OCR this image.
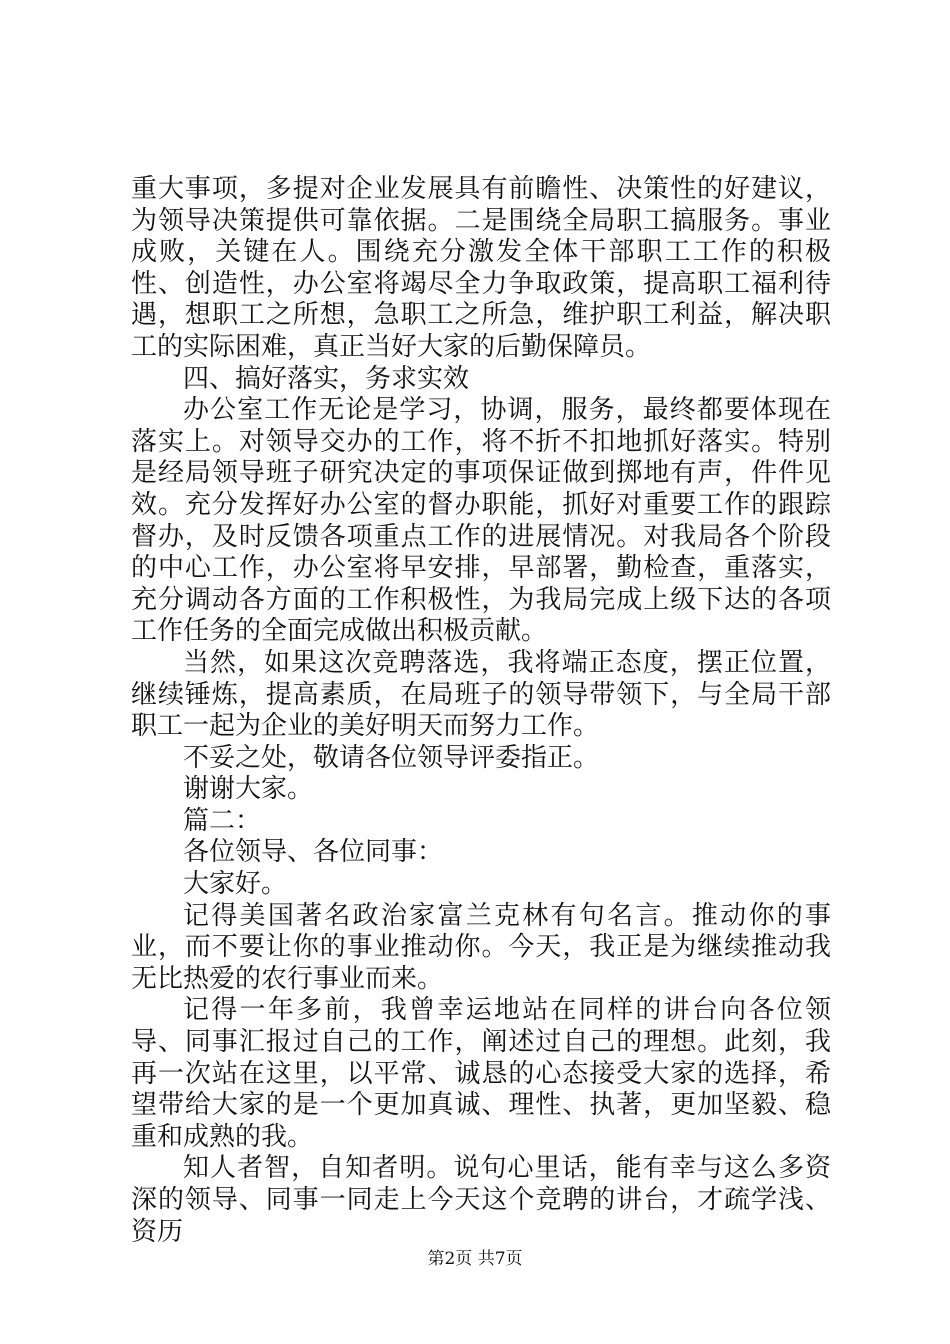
重大事项，多提对企业发展具有前瞻性、决策性的好建议，为领导决策提供可靠依据。二是围绕全局职工搞服务。事业成败，关键在人。围绕充分激发全体干部职工工作的积极性、创造性，办公室将竭尽全力争取政策，提高职工福利待遇，想职工之所想，急职工之所急，维护职工利益，解决职工的实际困难，真正当好大家的后勤保障员。

四、搞好落实，务求实效

办公室工作无论是学习，协调，服务，最终都要体现在落实上。对领导交办的工作，将不折不扣地抓好落实。特别是经局领导班子研究决定的事项保证做到掷地有声，件件见效。充分发挥好办公室的督办职能，抓好对重要工作的跟踪督办，及时反馈各项重点工作的进展情况。对我局各个阶段的中心工作，办公室将早安排，早部署，勤检查，重落实，充分调动各方面的工作积极性，为我局完成上级下达的各项工作任务的全面完成做出积极贡献。

当然，如果这次竞聘落选，我将端正态度，摆正位置，继续锤炼，提高素质，在局班子的领导带领下，与全局干部职工一起为企业的美好明天而努力工作。

不妥之处，敬请各位领导评委指正。

谢谢大家。

篇二：

各位领导、各位同事：

大家好。

记得美国著名政治家富兰克林有句名言。推动你的事业，而不要让你的事业推动你。今天，我正是为继续推动我无比热爱的农行事业而来。

记得一年多前，我曾幸运地站在同样的讲台向各位领导、同事汇报过自己的工作，阐述过自己的理想。此刻，我再一次站在这里，以平常、诚恳的心态接受大家的选择，希望带给大家的是一个更加真诚、理性、执著，更加坚毅、稳重和成熟的我。

知人者智，自知者明。说句心里话，能有幸与这么多资深的领导、同事一同走上今天这个竞聘的讲台，才疏学浅、资历

第2页 共7页
